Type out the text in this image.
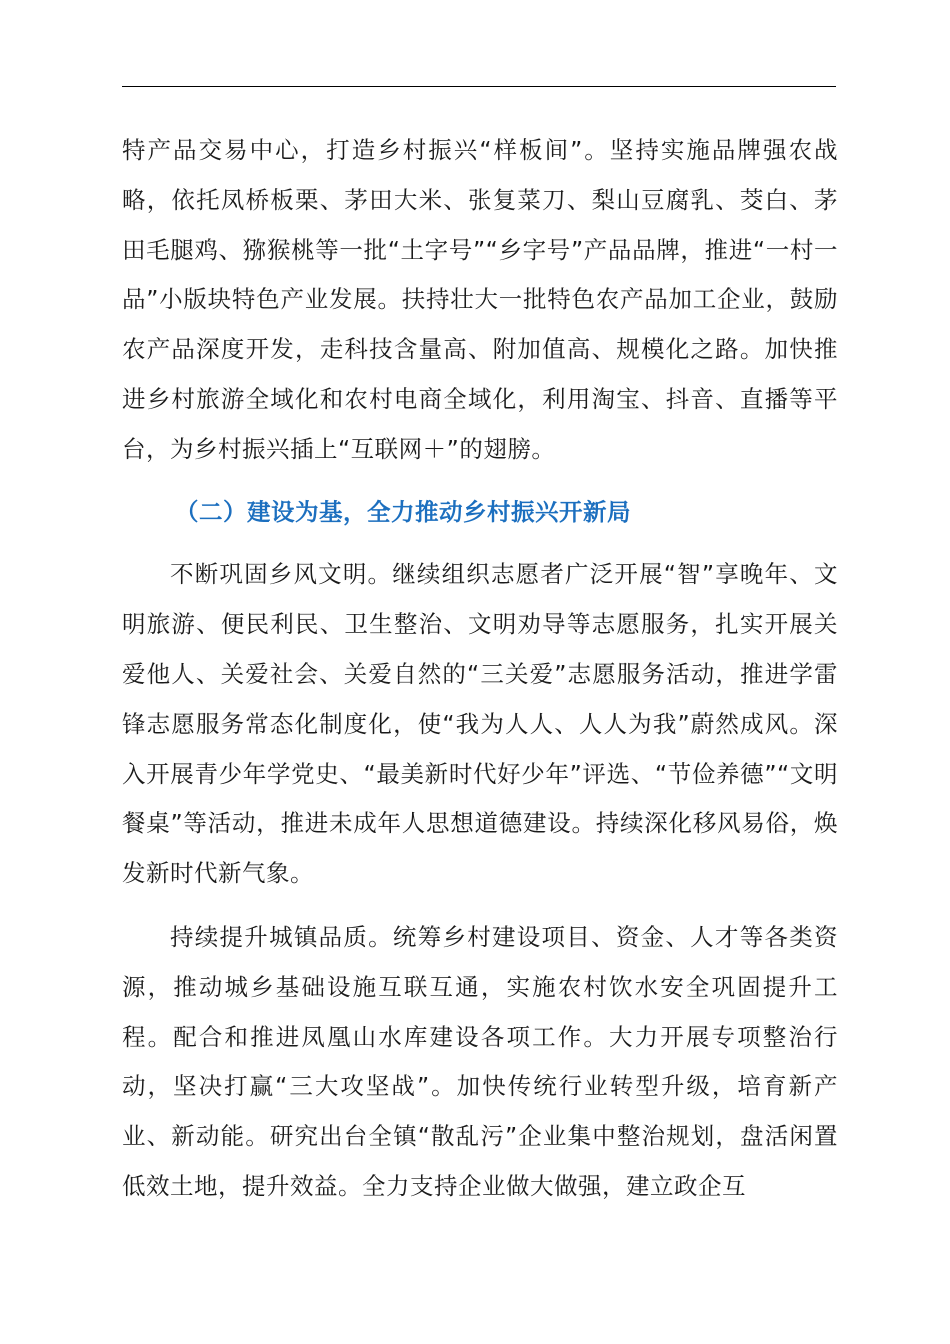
特产品交易中心，打造乡村振兴“样板间”。坚持实施品牌强农战略，依托凤桥板栗、茅田大米、张复菜刀、梨山豆腐乳、茭白、茅田毛腿鸡、猕猴桃等一批“土字号”“乡字号”产品品牌，推进“一村一品”小版块特色产业发展。扶持壮大一批特色农产品加工企业，鼓励农产品深度开发，走科技含量高、附加值高、规模化之路。加快推进乡村旅游全域化和农村电商全域化，利用淘宝、抖音、直播等平台，为乡村振兴插上“互联网＋”的翅膀。

（二）建设为基，全力推动乡村振兴开新局

不断巩固乡风文明。继续组织志愿者广泛开展“智”享晚年、文明旅游、便民利民、卫生整治、文明劝导等志愿服务，扎实开展关爱他人、关爱社会、关爱自然的“三关爱”志愿服务活动，推进学雷锋志愿服务常态化制度化，使“我为人人、人人为我”蔚然成风。深入开展青少年学党史、“最美新时代好少年”评选、“节俭养德”“文明餐桌”等活动，推进未成年人思想道德建设。持续深化移风易俗，焕发新时代新气象。

持续提升城镇品质。统筹乡村建设项目、资金、人才等各类资源，推动城乡基础设施互联互通，实施农村饮水安全巩固提升工程。配合和推进凤凰山水库建设各项工作。大力开展专项整治行动，坚决打赢“三大攻坚战”。加快传统行业转型升级，培育新产业、新动能。研究出台全镇“散乱污”企业集中整治规划，盘活闲置低效土地，提升效益。全力支持企业做大做强，建立政企互
